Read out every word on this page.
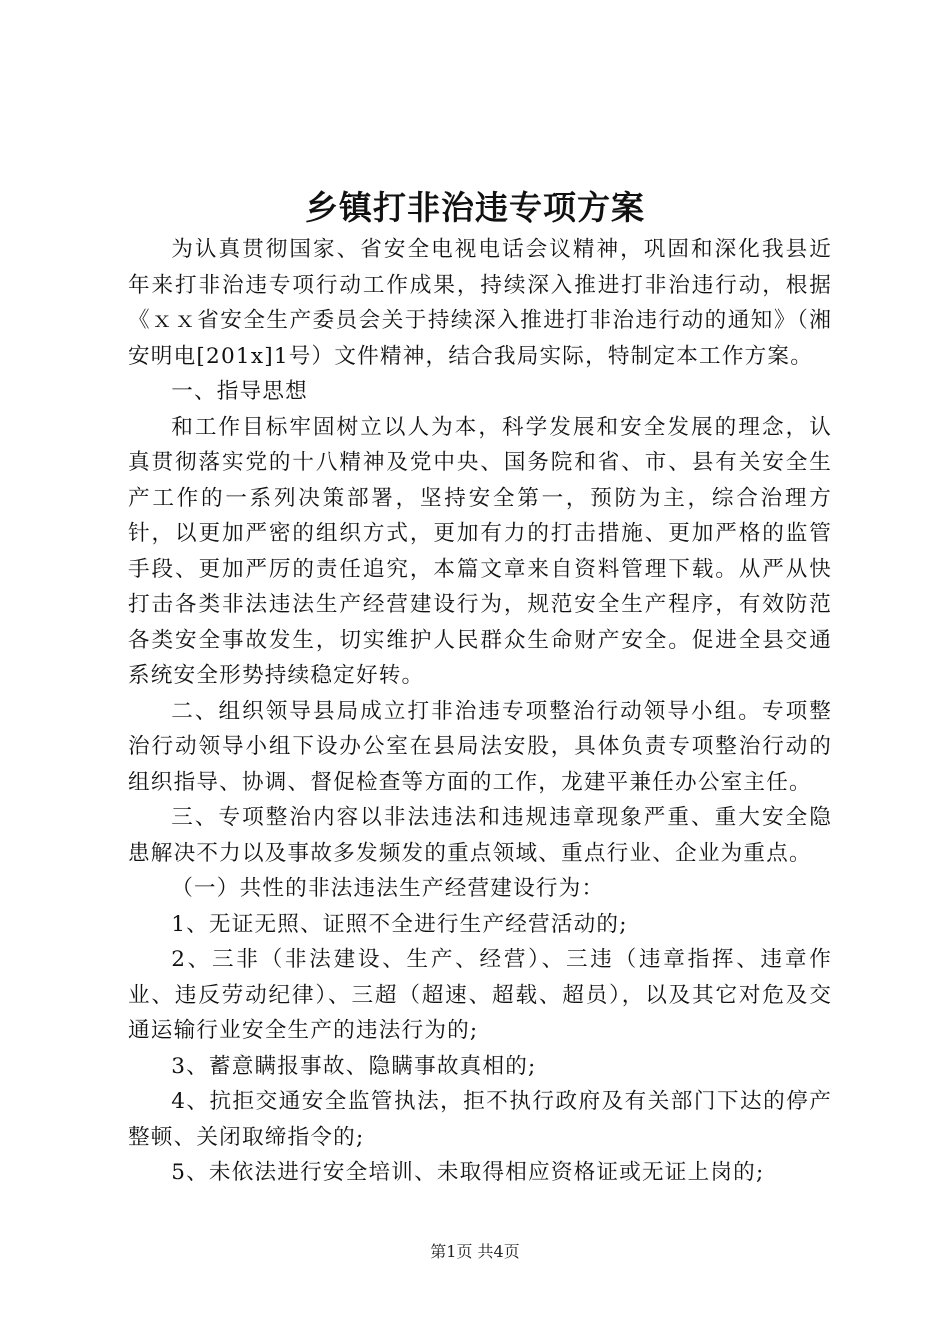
乡镇打非治违专项方案

为认真贯彻国家、省安全电视电话会议精神，巩固和深化我县近年来打非治违专项行动工作成果，持续深入推进打非治违行动，根据《ｘｘ省安全生产委员会关于持续深入推进打非治违行动的通知》（湘安明电[201x]1号）文件精神，结合我局实际，特制定本工作方案。

一、指导思想

和工作目标牢固树立以人为本，科学发展和安全发展的理念，认真贯彻落实党的十八精神及党中央、国务院和省、市、县有关安全生产工作的一系列决策部署，坚持安全第一，预防为主，综合治理方针，以更加严密的组织方式，更加有力的打击措施、更加严格的监管手段、更加严厉的责任追究，本篇文章来自资料管理下载。从严从快打击各类非法违法生产经营建设行为，规范安全生产程序，有效防范各类安全事故发生，切实维护人民群众生命财产安全。促进全县交通系统安全形势持续稳定好转。

二、组织领导县局成立打非治违专项整治行动领导小组。专项整治行动领导小组下设办公室在县局法安股，具体负责专项整治行动的组织指导、协调、督促检查等方面的工作，龙建平兼任办公室主任。

三、专项整治内容以非法违法和违规违章现象严重、重大安全隐患解决不力以及事故多发频发的重点领域、重点行业、企业为重点。

（一）共性的非法违法生产经营建设行为：

1、无证无照、证照不全进行生产经营活动的;

2、三非（非法建设、生产、经营）、三违（违章指挥、违章作业、违反劳动纪律）、三超（超速、超载、超员），以及其它对危及交通运输行业安全生产的违法行为的;

3、蓄意瞒报事故、隐瞒事故真相的;

4、抗拒交通安全监管执法，拒不执行政府及有关部门下达的停产整顿、关闭取缔指令的;

5、未依法进行安全培训、未取得相应资格证或无证上岗的;

第1页 共4页
